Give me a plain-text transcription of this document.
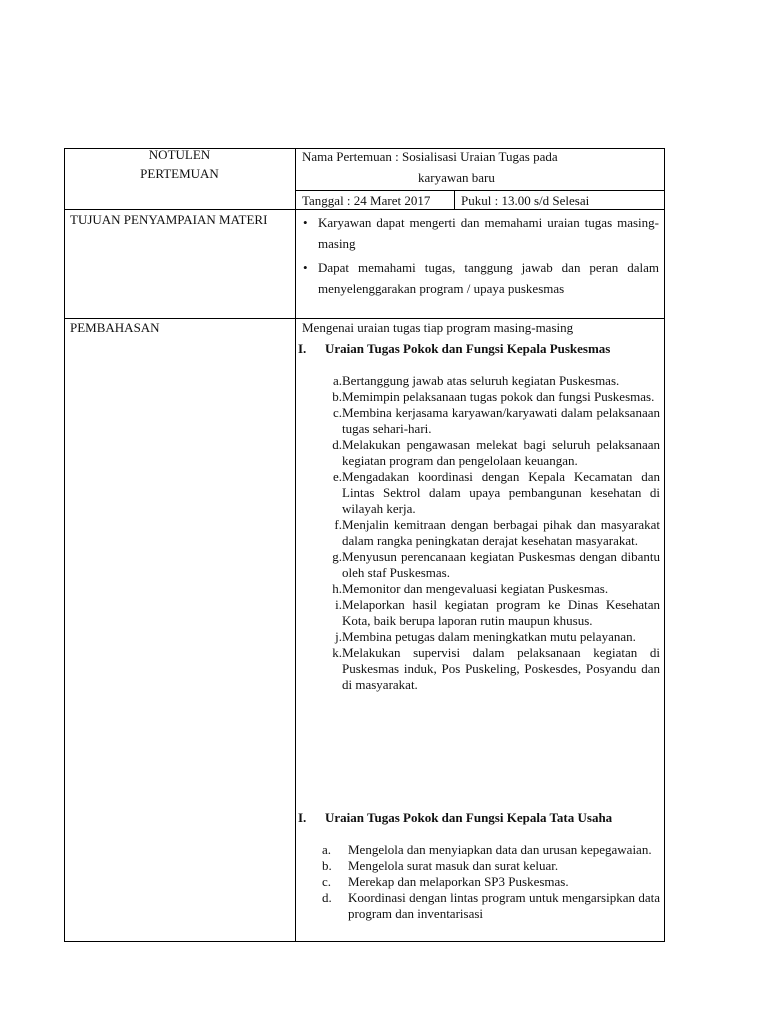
NOTULEN
PERTEMUAN
Nama Pertemuan : Sosialisasi Uraian Tugas pada
karyawan baru
Tanggal : 24 Maret 2017 Pukul : 13.00 s/d Selesai
TUJUAN PENYAMPAIAN MATERI
•	Karyawan dapat mengerti dan memahami uraian tugas masing-masing
• Dapat memahami tugas, tanggung jawab dan peran dalam menyelenggarakan program / upaya puskesmas
PEMBAHASAN	Mengenai uraian tugas tiap program masing-masing
I. Uraian Tugas Pokok dan Fungsi Kepala Puskesmas
a. Bertanggung jawab atas seluruh kegiatan Puskesmas.
b. Memimpin pelaksanaan tugas pokok dan fungsi Puskesmas.
c. Membina kerjasama karyawan/karyawati dalam pelaksanaan tugas sehari-hari.
d. Melakukan pengawasan melekat bagi seluruh pelaksanaan kegiatan program dan pengelolaan keuangan.
e. Mengadakan koordinasi dengan Kepala Kecamatan dan Lintas Sektrol dalam upaya pembangunan kesehatan di wilayah kerja.
f. Menjalin kemitraan dengan berbagai pihak dan masyarakat dalam rangka peningkatan derajat kesehatan masyarakat.
g. Menyusun perencanaan kegiatan Puskesmas dengan dibantu oleh staf Puskesmas.
h. Memonitor dan mengevaluasi kegiatan Puskesmas.
i. Melaporkan hasil kegiatan program ke Dinas Kesehatan Kota, baik berupa laporan rutin maupun khusus.
j. Membina petugas dalam meningkatkan mutu pelayanan.
k. Melakukan supervisi dalam pelaksanaan kegiatan di Puskesmas induk, Pos Puskeling, Poskesdes, Posyandu dan di masyarakat.
I. Uraian Tugas Pokok dan Fungsi Kepala Tata Usaha
a.	Mengelola dan menyiapkan data dan urusan kepegawaian.
b.	Mengelola surat masuk dan surat keluar.
c.	Merekap dan melaporkan SP3 Puskesmas.
d.	Koordinasi dengan lintas program untuk mengarsipkan data program dan inventarisasi
